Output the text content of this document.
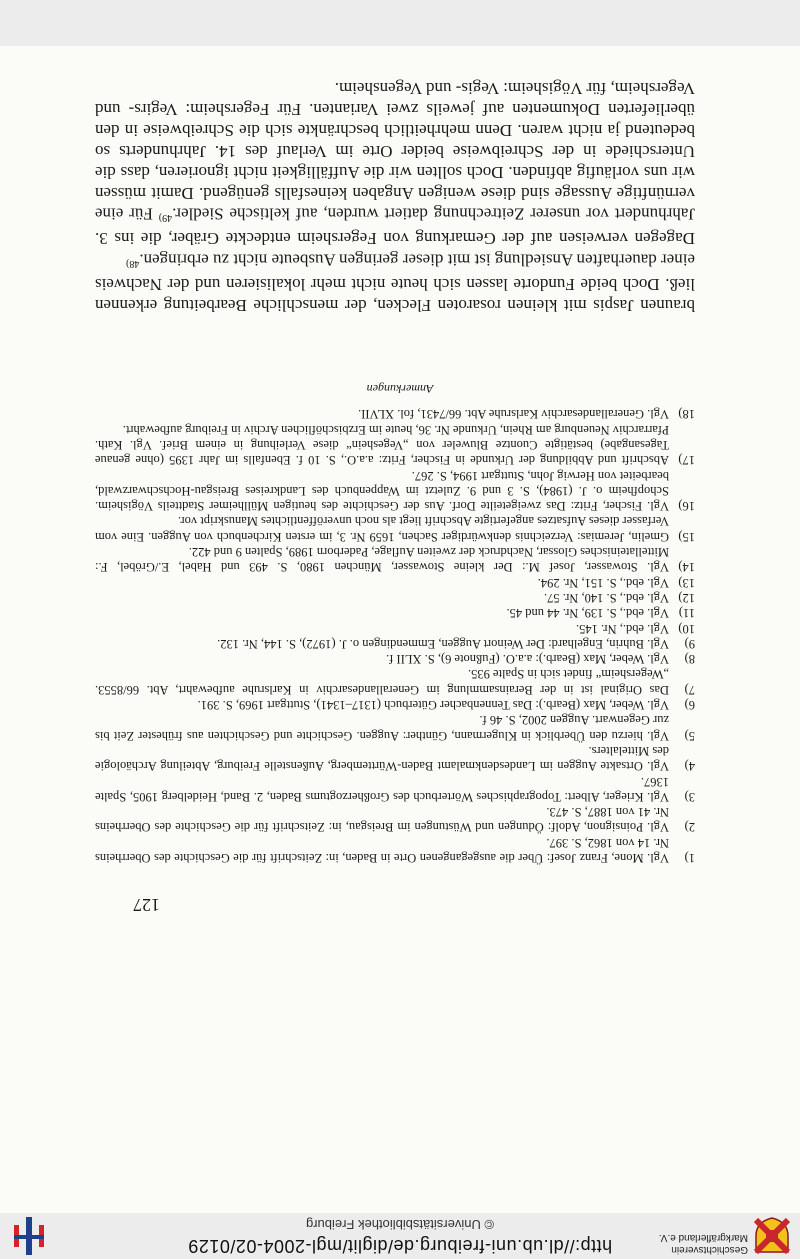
Geschichtsverein
Markgräflerland e.V.
http://dl.ub.uni-freiburg.de/diglit/mgl-2004-02/0129
© Universitätsbibliothek Freiburg

braunen Jaspis mit kleinen rosaroten Flecken, der menschliche Bearbeitung erkennen ließ. Doch beide Fundorte lassen sich heute nicht mehr lokalisieren und der Nachweis einer dauerhaften Ansiedlung ist mit dieser geringen Ausbeute nicht zu erbringen.$^{48)}$

Dagegen verweisen auf der Gemarkung von Fegersheim entdeckte Gräber, die ins 3. Jahrhundert vor unserer Zeitrechnung datiert wurden, auf keltische Siedler.$^{49)}$ Für eine vernünftige Aussage sind diese wenigen Angaben keinesfalls genügend. Damit müssen wir uns vorläufig abfinden. Doch sollten wir die Auffälligkeit nicht ignorieren, dass die Unterschiede in der Schreibweise beider Orte im Verlauf des 14. Jahrhunderts so bedeutend ja nicht waren. Denn mehrheitlich beschränkte sich die Schreibweise in den überlieferten Dokumenten auf jeweils zwei Varianten. Für Fegersheim: Vegirs- und Vegersheim, für Vögisheim: Vegis- und Vegensheim.

Anmerkungen
1)
Vgl. Mone, Franz Josef: Über die ausgegangenen Orte in Baden, in: Zeitschrift für die Geschichte des Oberrheins Nr. 14 von 1862, S. 397.
2)
Vgl. Poinsignon, Adolf: Ödungen und Wüstungen im Breisgau, in: Zeitschrift für die Geschichte des Oberrheins Nr. 41 von 1887, S. 473.
3)
Vgl. Krieger, Albert: Topographisches Wörterbuch des Großherzogtums Baden, 2. Band, Heidelberg 1905, Spalte 1367.
4)
Vgl. Ortsakte Auggen im Landesdenkmalamt Baden-Württemberg, Außenstelle Freiburg, Abteilung Archäologie des Mittelalters.
5)
Vgl. hierzu den Überblick in Klugermann, Günther: Auggen. Geschichte und Geschichten aus frühester Zeit bis zur Gegenwart. Auggen 2002, S. 46 f.
6)
Vgl. Weber, Max (Bearb.): Das Tennenbacher Güterbuch (1317–1341), Stuttgart 1969, S. 391.
7)
Das Original ist in der Berainsammlung im Generallandesarchiv in Karlsruhe aufbewahrt, Abt. 66/8553. „Wegersheim“ findet sich in Spalte 935.
8)
Vgl. Weber, Max (Bearb.): a.a.O. (Fußnote 6), S. XLII f.
9)
Vgl. Buhrin, Engelhard: Der Weinort Auggen, Emmendingen o. J. (1972), S. 144, Nr. 132.
10)
Vgl. ebd., Nr. 145.
11)
Vgl. ebd., S. 139, Nr. 44 und 45.
12)
Vgl. ebd., S. 140, Nr. 57.
13)
Vgl. ebd., S. 151, Nr. 294.
14)
Vgl. Stowasser, Josef M.: Der kleine Stowasser, München 1980, S. 493 und Habel, E./Gröbel, F.: Mittellateinisches Glossar, Nachdruck der zweiten Auflage, Paderborn 1989, Spalten 9 und 422.
15)
Gmelin, Jeremias: Verzeichnis denkwürdiger Sachen, 1659 Nr. 3, im ersten Kirchenbuch von Auggen. Eine vom Verfasser dieses Aufsatzes angefertigte Abschrift liegt als noch unveröffentlichtes Manuskript vor.
16)
Vgl. Fischer, Fritz: Das zweigeteilte Dorf. Aus der Geschichte des heutigen Müllheimer Stadtteils Vögisheim. Schopfheim o. J. (1984), S. 3 und 9. Zuletzt im Wappenbuch des Landkreises Breisgau-Hochschwarzwald, bearbeitet von Herwig John, Stuttgart 1994, S. 267.
17)
Abschrift und Abbildung der Urkunde in Fischer, Fritz: a.a.O., S. 10 f. Ebenfalls im Jahr 1395 (ohne genaue Tagesangabe) bestätigte Cuontze Bluweler von „Vegeshein“ diese Verleihung in einem Brief. Vgl. Kath. Pfarrarchiv Neuenburg am Rhein, Urkunde Nr. 36, heute im Erzbischöflichen Archiv in Freiburg aufbewahrt.
18)
Vgl. Generallandesarchiv Karlsruhe Abt. 66/7431, fol. XLVII.
127
